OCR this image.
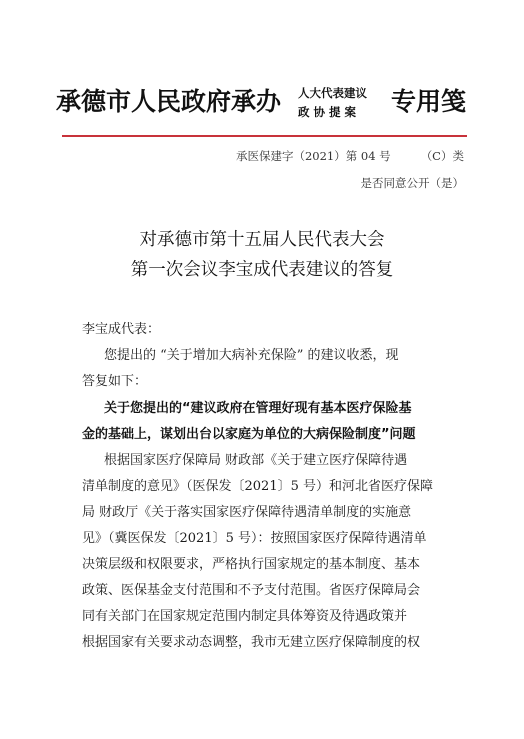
承德市人民政府承办 人大代表建议
政协提案	专用笺
承医保建字（2021）第 04 号	（C）类
是否同意公开（是）
对承德市第十五届人民代表大会
第一次会议李宝成代表建议的答复
李宝成代表：
您提出的 “关于增加大病补充保险” 的建议收悉，现
答复如下：
关于您提出的“建议政府在管理好现有基本医疗保险基
金的基础上，谋划出台以家庭为单位的大病保险制度”问题
根据国家医疗保障局 财政部《关于建立医疗保障待遇
清单制度的意见》（医保发〔2021〕5 号）和河北省医疗保障
局 财政厅《关于落实国家医疗保障待遇清单制度的实施意
见》（冀医保发〔2021〕5 号）：按照国家医疗保障待遇清单
决策层级和权限要求，严格执行国家规定的基本制度、基本
政策、医保基金支付范围和不予支付范围。省医疗保障局会
同有关部门在国家规定范围内制定具体筹资及待遇政策并
根据国家有关要求动态调整，我市无建立医疗保障制度的权
